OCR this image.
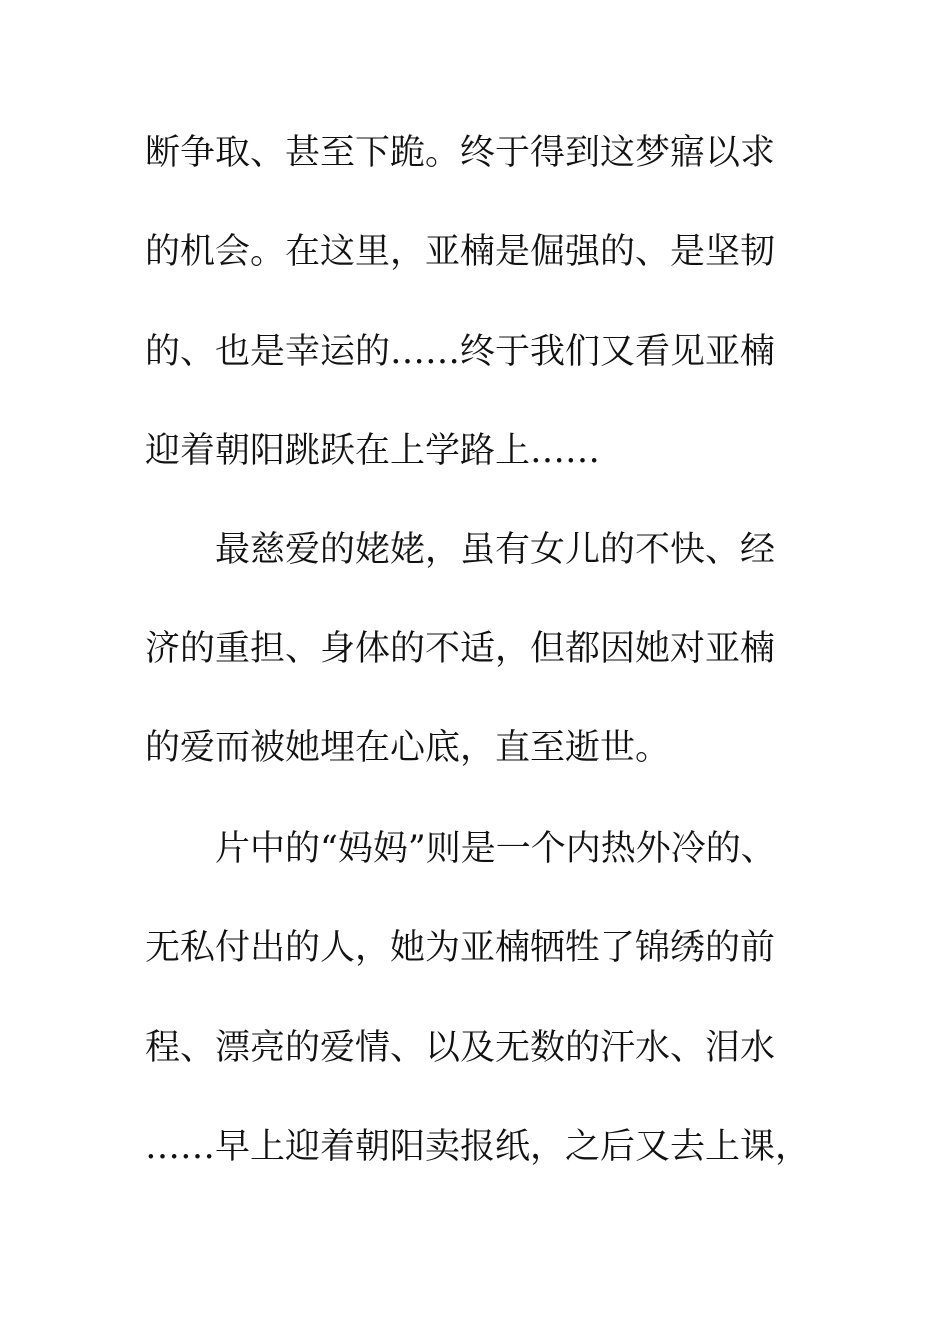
断争取、甚至下跪。终于得到这梦寤以求
的机会。在这里，亚楠是倔强的、是坚韧
的、也是幸运的……终于我们又看见亚楠
迎着朝阳跳跃在上学路上……
最慈爱的姥姥，虽有女儿的不快、经
济的重担、身体的不适，但都因她对亚楠
的爱而被她埋在心底，直至逝世。
片中的“妈妈”则是一个内热外冷的、
无私付出的人，她为亚楠牺牲了锦绣的前
程、漂亮的爱情、以及无数的汗水、泪水
……早上迎着朝阳卖报纸，之后又去上课，
